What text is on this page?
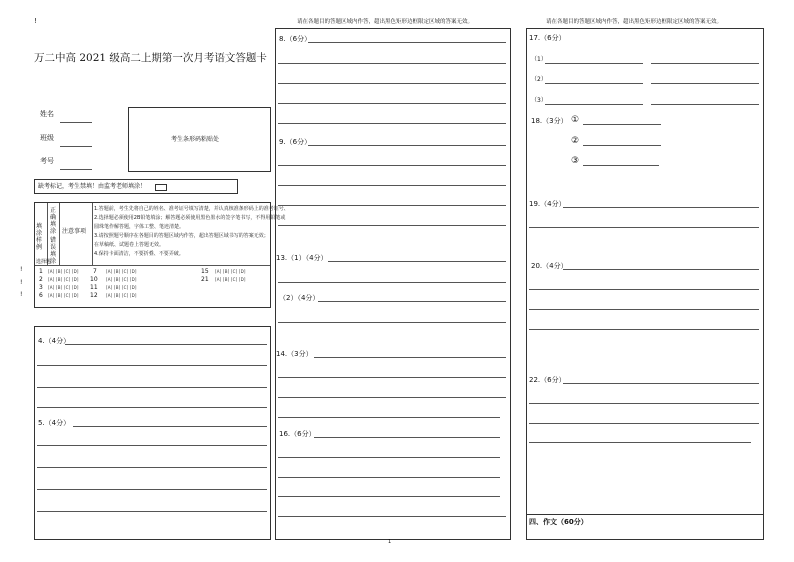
!
万二中高 2021 级高二上期第一次月考语文答题卡
姓名
班级
考号
考生条形码粘贴处
缺考标记，考生禁填！由监考老师填涂！
填涂样例
正确填涂
错误填涂
注意事项
1.答题前，考生先将自己的姓名、准考证号填写清楚，并认真核准条形码上的准考证号、
2.选择题必须使用2B铅笔填涂；解答题必须使用黑色墨水的签字笔书写，不得用铅笔或
圆珠笔作解答题，字体工整、笔迹清楚。
3.请按照题号顺序在各题目的答题区域内作答，超出答题区域书写的答案无效；
在草稿纸、试题卷上答题无效。
4.保持卡面清洁，不要折叠、不要弄破。
选择题
1 [A] [B] [C] [D]
2 [A] [B] [C] [D]
3 [A] [B] [C] [D]
6 [A] [B] [C] [D]
7 [A] [B] [C] [D]
10 [A] [B] [C] [D]
11 [A] [B] [C] [D]
12 [A] [B] [C] [D]
15 [A] [B] [C] [D]
21 [A] [B] [C] [D]
!
!
!
4.（4分）
5.（4分）
请在各题目的答题区域内作答，超出黑色矩形边框限定区域的答案无效。
8.（6分）
9.（6分）
13.（1）（4分）
（2）（4分）
14.（3分）
16.（6分）
1
请在各题目的答题区域内作答，超出黑色矩形边框限定区域的答案无效。
17.（6分）
（1）
（2）
（3）
18.（3分） ①
②
③
19.（4分）
20.（4分）
22.（6分）
四、作文（60分）
